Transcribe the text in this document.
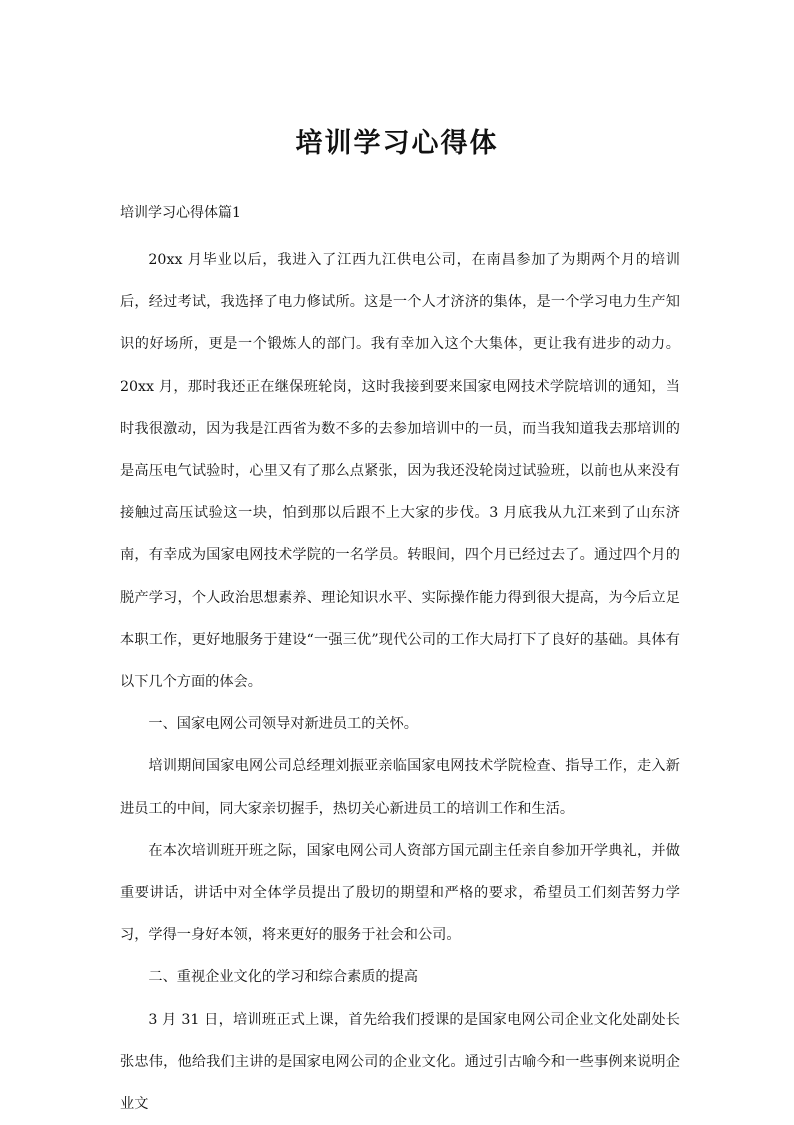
培训学习心得体
培训学习心得体篇1

20xx 月毕业以后，我进入了江西九江供电公司，在南昌参加了为期两个月的培训后，经过考试，我选择了电力修试所。这是一个人才济济的集体，是一个学习电力生产知识的好场所，更是一个锻炼人的部门。我有幸加入这个大集体，更让我有进步的动力。20xx 月，那时我还正在继保班轮岗，这时我接到要来国家电网技术学院培训的通知，当时我很激动，因为我是江西省为数不多的去参加培训中的一员，而当我知道我去那培训的是高压电气试验时，心里又有了那么点紧张，因为我还没轮岗过试验班，以前也从来没有接触过高压试验这一块，怕到那以后跟不上大家的步伐。3 月底我从九江来到了山东济南，有幸成为国家电网技术学院的一名学员。转眼间，四个月已经过去了。通过四个月的脱产学习，个人政治思想素养、理论知识水平、实际操作能力得到很大提高，为今后立足本职工作，更好地服务于建设“一强三优”现代公司的工作大局打下了良好的基础。具体有以下几个方面的体会。

一、国家电网公司领导对新进员工的关怀。

培训期间国家电网公司总经理刘振亚亲临国家电网技术学院检查、指导工作，走入新进员工的中间，同大家亲切握手，热切关心新进员工的培训工作和生活。

在本次培训班开班之际，国家电网公司人资部方国元副主任亲自参加开学典礼，并做重要讲话，讲话中对全体学员提出了殷切的期望和严格的要求，希望员工们刻苦努力学习，学得一身好本领，将来更好的服务于社会和公司。

二、重视企业文化的学习和综合素质的提高

3 月 31 日，培训班正式上课，首先给我们授课的是国家电网公司企业文化处副处长张忠伟，他给我们主讲的是国家电网公司的企业文化。通过引古喻今和一些事例来说明企业文
